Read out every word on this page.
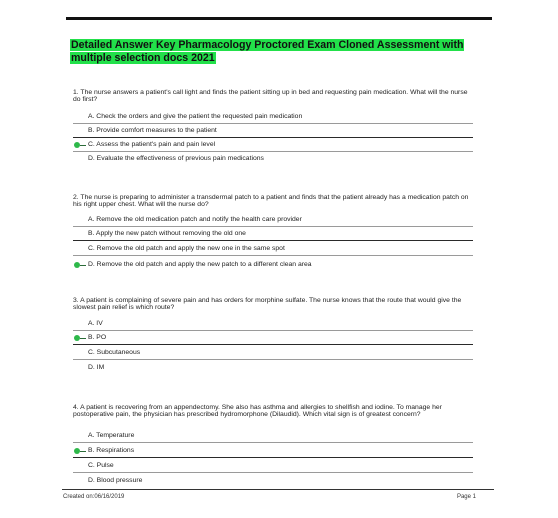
Detailed Answer Key Pharmacology Proctored Exam Cloned Assessment with multiple selection docs 2021
1. The nurse answers a patient's call light and finds the patient sitting up in bed and requesting pain medication. What will the nurse do first?
A. Check the orders and give the patient the requested pain medication
B. Provide comfort measures to the patient
C. Assess the patient's pain and pain level
D. Evaluate the effectiveness of previous pain medications
2. The nurse is preparing to administer a transdermal patch to a patient and finds that the patient already has a medication patch on his right upper chest. What will the nurse do?
A. Remove the old medication patch and notify the health care provider
B. Apply the new patch without removing the old one
C. Remove the old patch and apply the new one in the same spot
D. Remove the old patch and apply the new patch to a different clean area
3. A patient is complaining of severe pain and has orders for morphine sulfate. The nurse knows that the route that would give the slowest pain relief is which route?
A. IV
B. PO
C. Subcutaneous
D. IM
4. A patient is recovering from an appendectomy. She also has asthma and allergies to shellfish and iodine. To manage her postoperative pain, the physician has prescribed hydromorphone (Dilaudid). Which vital sign is of greatest concern?
A. Temperature
B. Respirations
C. Pulse
D. Blood pressure
Created on:06/16/2019	Page 1
